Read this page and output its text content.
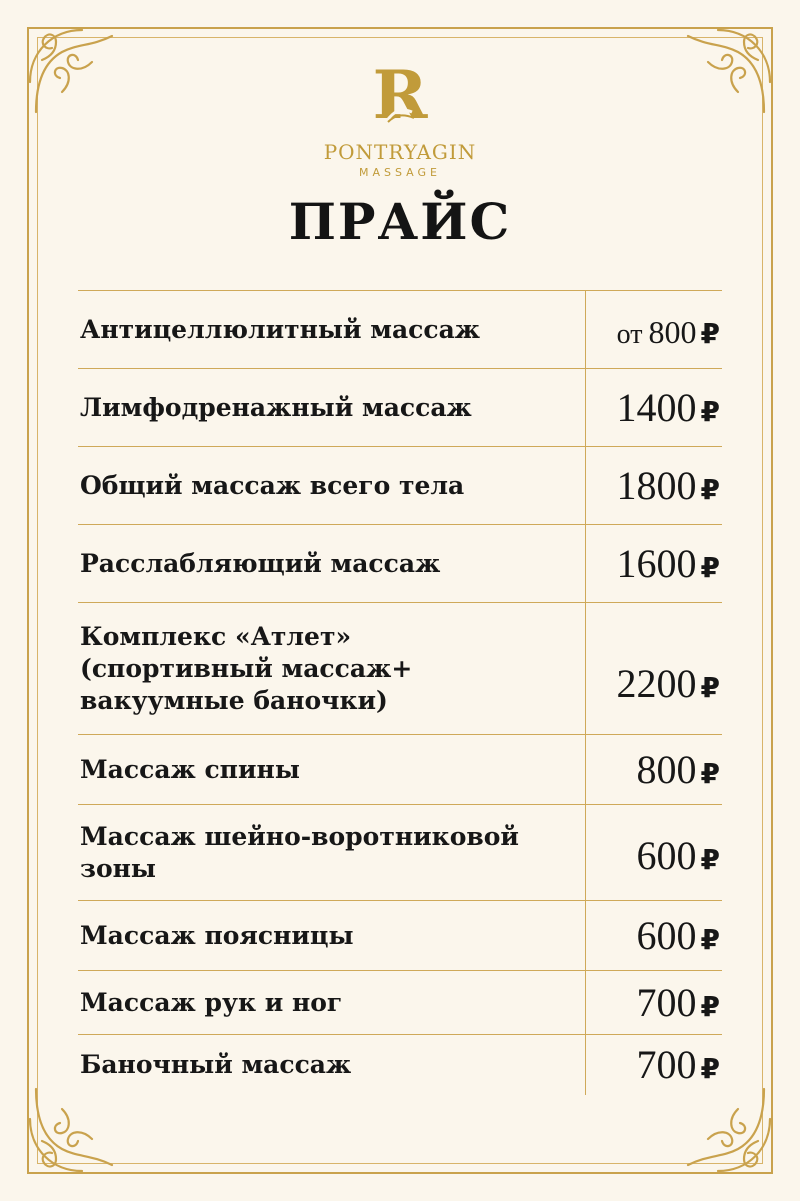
R
PONTRYAGIN
MASSAGE
ПРАЙС
Антицеллюлитный массаж	от 800 ₽
Лимфодренажный массаж	1400 ₽
Общий массаж всего тела	1800 ₽
Расслабляющий массаж	1600 ₽

Комплекс «Атлет»
(спортивный массаж+
вакуумные баночки)	2200 ₽
Массаж спины	800 ₽

Массаж шейно-воротниковой
зоны	600 ₽
Массаж поясницы	600 ₽
Массаж рук и ног	700 ₽
Баночный массаж	700 ₽
